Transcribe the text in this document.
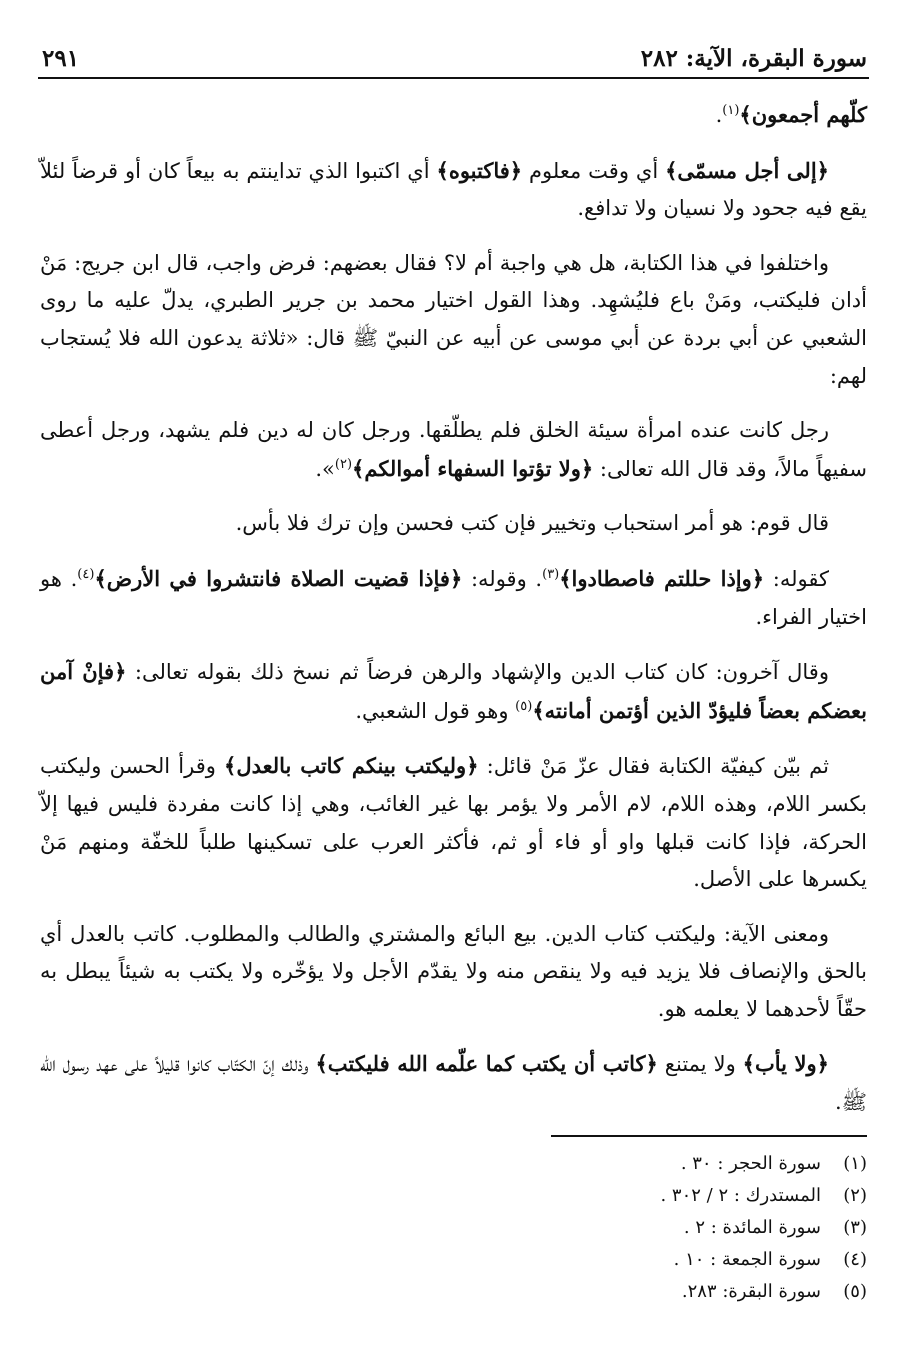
سورة البقرة، الآية: ٢٨٢
٢٩١

كلّهم أجمعون﴾$^{(١)}$.

﴿إلى أجل مسمّى﴾ أي وقت معلوم ﴿فاكتبوه﴾ أي اكتبوا الذي تداينتم به بيعاً كان أو قرضاً لئلاّ يقع فيه جحود ولا نسيان ولا تدافع.

واختلفوا في هذا الكتابة، هل هي واجبة أم لا؟ فقال بعضهم: فرض واجب، قال ابن جريج: مَنْ أدان فليكتب، ومَنْ باع فليُشهِد. وهذا القول اختيار محمد بن جرير الطبري، يدلّ عليه ما روى الشعبي عن أبي بردة عن أبي موسى عن أبيه عن النبيّ ﷺ قال: «ثلاثة يدعون الله فلا يُستجاب لهم:

رجل كانت عنده امرأة سيئة الخلق فلم يطلّقها. ورجل كان له دين فلم يشهد، ورجل أعطى سفيهاً مالاً، وقد قال الله تعالى: ﴿ولا تؤتوا السفهاء أموالكم﴾$^{(٢)}$».

قال قوم: هو أمر استحباب وتخيير فإن كتب فحسن وإن ترك فلا بأس.

كقوله: ﴿وإذا حللتم فاصطادوا﴾$^{(٣)}$. وقوله: ﴿فإذا قضيت الصلاة فانتشروا في الأرض﴾$^{(٤)}$. هو اختيار الفراء.

وقال آخرون: كان كتاب الدين والإشهاد والرهن فرضاً ثم نسخ ذلك بقوله تعالى: ﴿فإنْ آمن بعضكم بعضاً فليؤدّ الذين أؤتمن أمانته﴾$^{(٥)}$ وهو قول الشعبي.

ثم بيّن كيفيّة الكتابة فقال عزّ مَنْ قائل: ﴿وليكتب بينكم كاتب بالعدل﴾ وقرأ الحسن وليكتب بكسر اللام، وهذه اللام، لام الأمر ولا يؤمر بها غير الغائب، وهي إذا كانت مفردة فليس فيها إلاّ الحركة، فإذا كانت قبلها واو أو فاء أو ثم، فأكثر العرب على تسكينها طلباً للخفّة ومنهم مَنْ يكسرها على الأصل.

ومعنى الآية: وليكتب كتاب الدين. بيع البائع والمشتري والطالب والمطلوب. كاتب بالعدل أي بالحق والإنصاف فلا يزيد فيه ولا ينقص منه ولا يقدّم الأجل ولا يؤخّره ولا يكتب به شيئاً يبطل به حقّاً لأحدهما لا يعلمه هو.

﴿ولا يأب﴾ ولا يمتنع ﴿كاتب أن يكتب كما علّمه الله فليكتب﴾ وذلك إنّ الكتّاب كانوا قليلاً على عهد رسول الله ﷺ.

(١)
سورة الحجر : ٣٠ .
(٢)
المستدرك : ٢ / ٣٠٢ .
(٣)
سورة المائدة : ٢ .
(٤)
سورة الجمعة : ١٠ .
(٥)
سورة البقرة: ٢٨٣.
